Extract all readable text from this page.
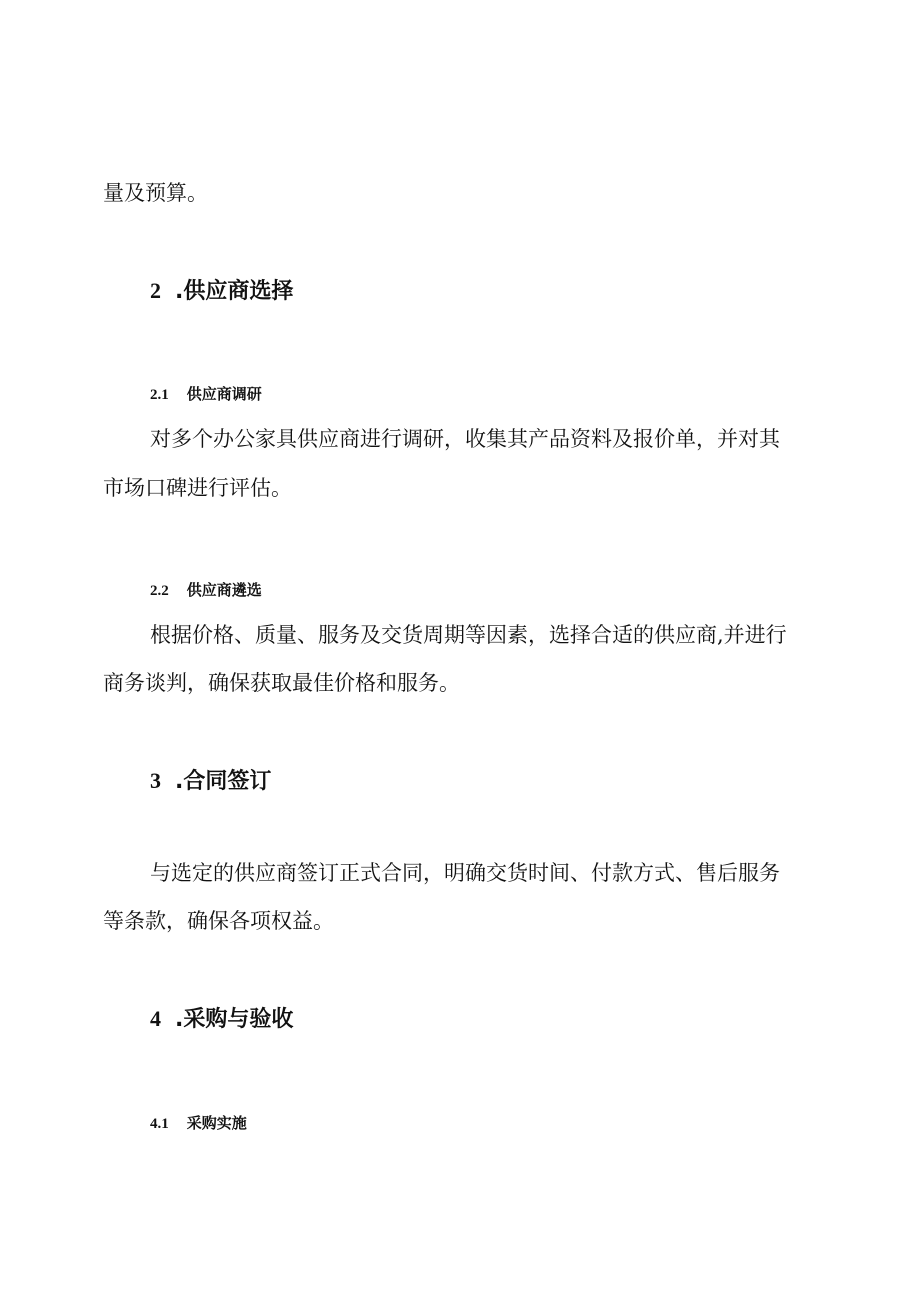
量及预算。

2 .供应商选择
2.1 供应商调研

对多个办公家具供应商进行调研，收集其产品资料及报价单，并对其

市场口碑进行评估。

2.2 供应商遴选

根据价格、质量、服务及交货周期等因素，选择合适的供应商,并进行

商务谈判，确保获取最佳价格和服务。

3 .合同签订

与选定的供应商签订正式合同，明确交货时间、付款方式、售后服务

等条款，确保各项权益。

4 .采购与验收
4.1 采购实施
